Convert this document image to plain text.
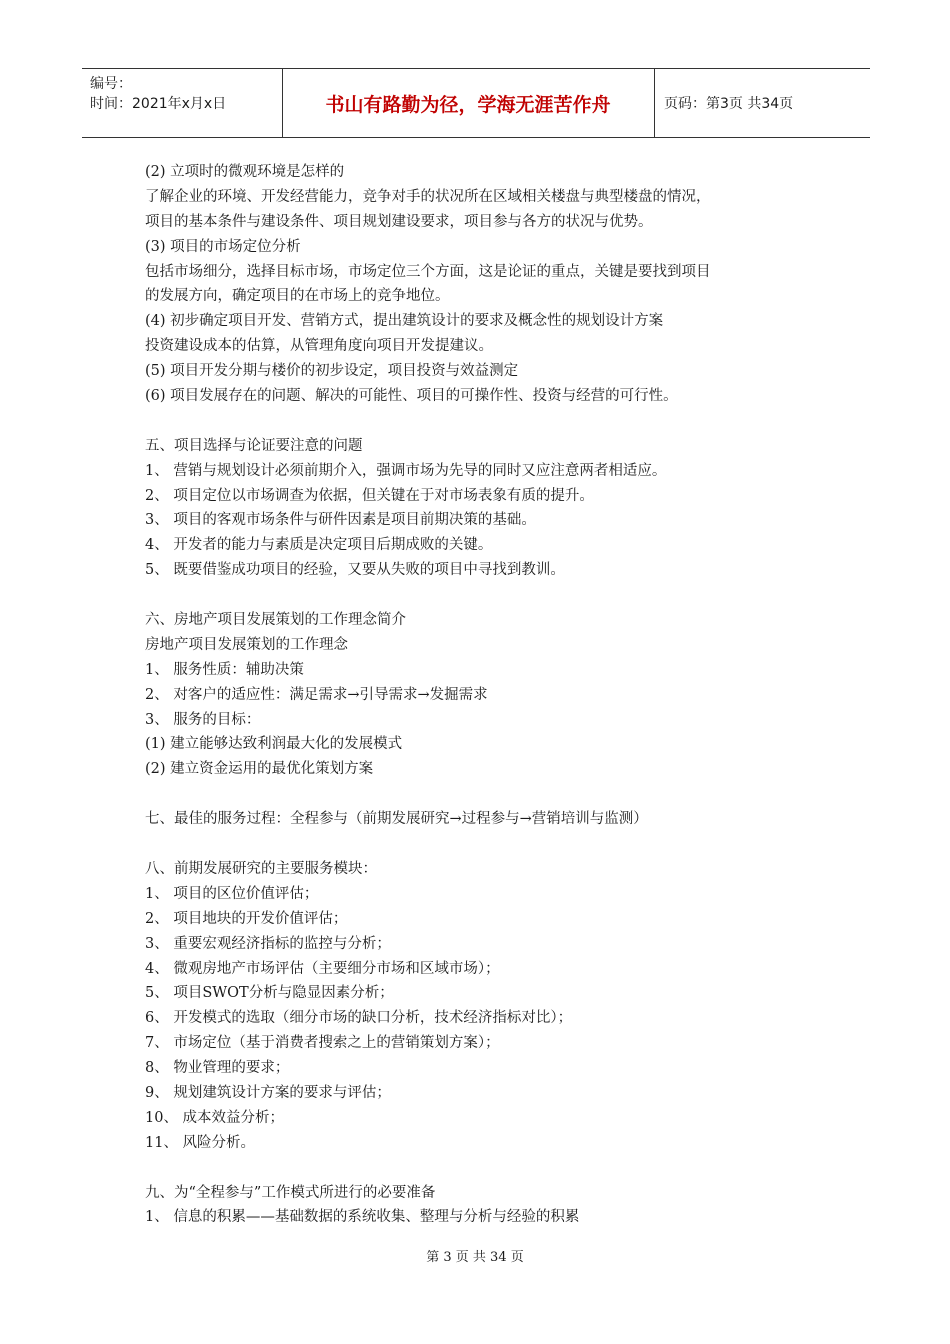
编号：
时间：2021年x月x日	书山有路勤为径，学海无涯苦作舟	页码：第3页 共34页
(2) 立项时的微观环境是怎样的
了解企业的环境、开发经营能力，竞争对手的状况所在区域相关楼盘与典型楼盘的情况，
项目的基本条件与建设条件、项目规划建设要求，项目参与各方的状况与优势。
(3) 项目的市场定位分析
包括市场细分，选择目标市场，市场定位三个方面，这是论证的重点，关键是要找到项目
的发展方向，确定项目的在市场上的竞争地位。
(4) 初步确定项目开发、营销方式，提出建筑设计的要求及概念性的规划设计方案
投资建设成本的估算，从管理角度向项目开发提建议。
(5) 项目开发分期与楼价的初步设定，项目投资与效益测定
(6) 项目发展存在的问题、解决的可能性、项目的可操作性、投资与经营的可行性。
五、项目选择与论证要注意的问题
1、 营销与规划设计必须前期介入，强调市场为先导的同时又应注意两者相适应。
2、 项目定位以市场调查为依据，但关键在于对市场表象有质的提升。
3、 项目的客观市场条件与研件因素是项目前期决策的基础。
4、 开发者的能力与素质是决定项目后期成败的关键。
5、 既要借鉴成功项目的经验，又要从失败的项目中寻找到教训。
六、房地产项目发展策划的工作理念简介
房地产项目发展策划的工作理念
1、 服务性质：辅助决策
2、 对客户的适应性：满足需求→引导需求→发掘需求
3、 服务的目标：
(1) 建立能够达致利润最大化的发展模式
(2) 建立资金运用的最优化策划方案
七、最佳的服务过程：全程参与（前期发展研究→过程参与→营销培训与监测）
八、前期发展研究的主要服务模块：
1、 项目的区位价值评估；
2、 项目地块的开发价值评估；
3、 重要宏观经济指标的监控与分析；
4、 微观房地产市场评估（主要细分市场和区域市场）；
5、 项目SWOT分析与隐显因素分析；
6、 开发模式的选取（细分市场的缺口分析，技术经济指标对比）；
7、 市场定位（基于消费者搜索之上的营销策划方案）；
8、 物业管理的要求；
9、 规划建筑设计方案的要求与评估；
10、 成本效益分析；
11、 风险分析。
九、为“全程参与”工作模式所进行的必要准备
1、 信息的积累——基础数据的系统收集、整理与分析与经验的积累
第 3 页 共 34 页
